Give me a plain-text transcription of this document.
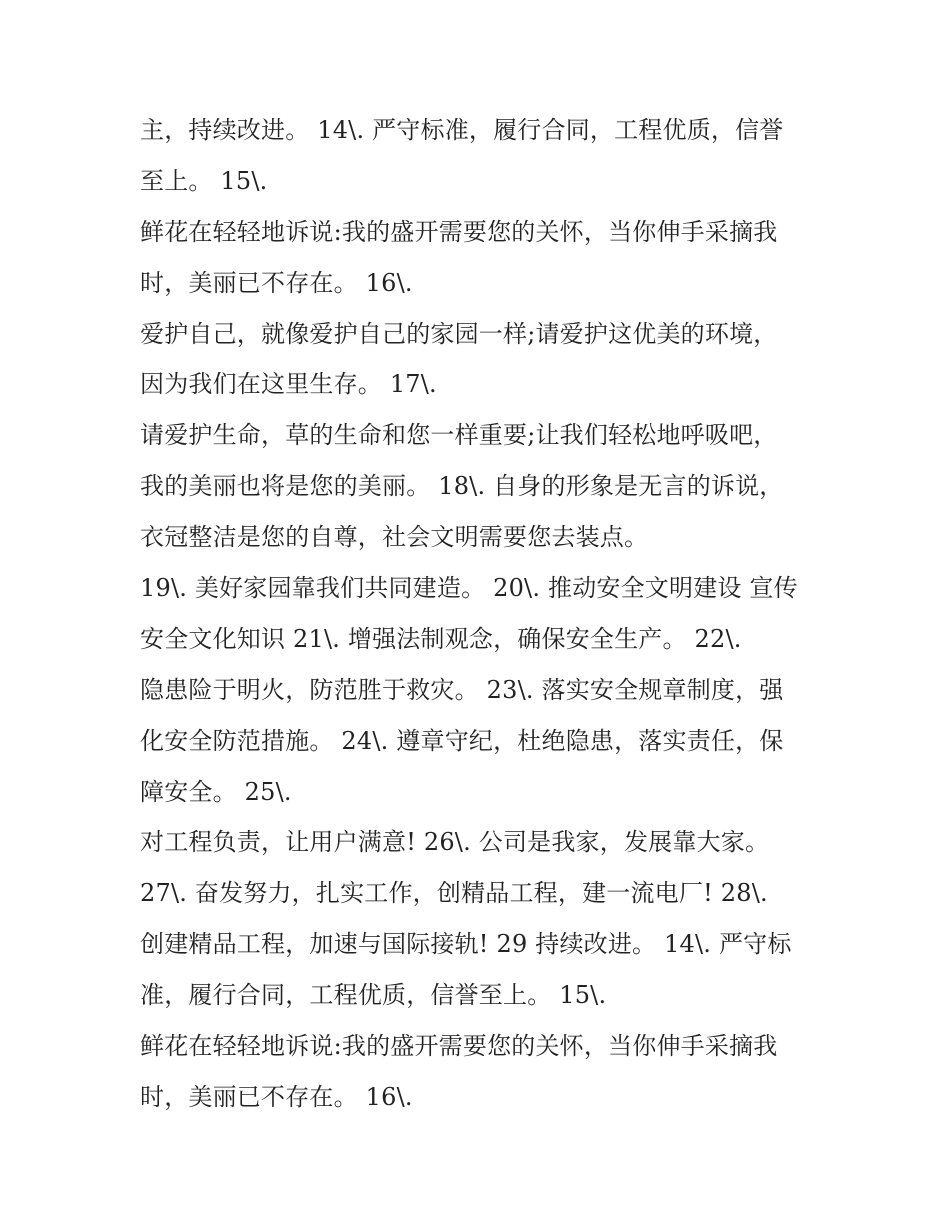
主，持续改进。 14\. 严守标准，履行合同，工程优质，信誉
至上。 15\.
鲜花在轻轻地诉说:我的盛开需要您的关怀，当你伸手采摘我
时，美丽已不存在。 16\.
爱护自己，就像爱护自己的家园一样;请爱护这优美的环境，
因为我们在这里生存。 17\.
请爱护生命，草的生命和您一样重要;让我们轻松地呼吸吧，
我的美丽也将是您的美丽。 18\. 自身的形象是无言的诉说，
衣冠整洁是您的自尊，社会文明需要您去装点。
19\. 美好家园靠我们共同建造。 20\. 推动安全文明建设 宣传
安全文化知识 21\. 增强法制观念，确保安全生产。 22\.
隐患险于明火，防范胜于救灾。 23\. 落实安全规章制度，强
化安全防范措施。 24\. 遵章守纪，杜绝隐患，落实责任，保
障安全。 25\.
对工程负责，让用户满意! 26\. 公司是我家，发展靠大家。
27\. 奋发努力，扎实工作，创精品工程，建一流电厂! 28\.
创建精品工程，加速与国际接轨! 29 持续改进。 14\. 严守标
准，履行合同，工程优质，信誉至上。 15\.
鲜花在轻轻地诉说:我的盛开需要您的关怀，当你伸手采摘我
时，美丽已不存在。 16\.
